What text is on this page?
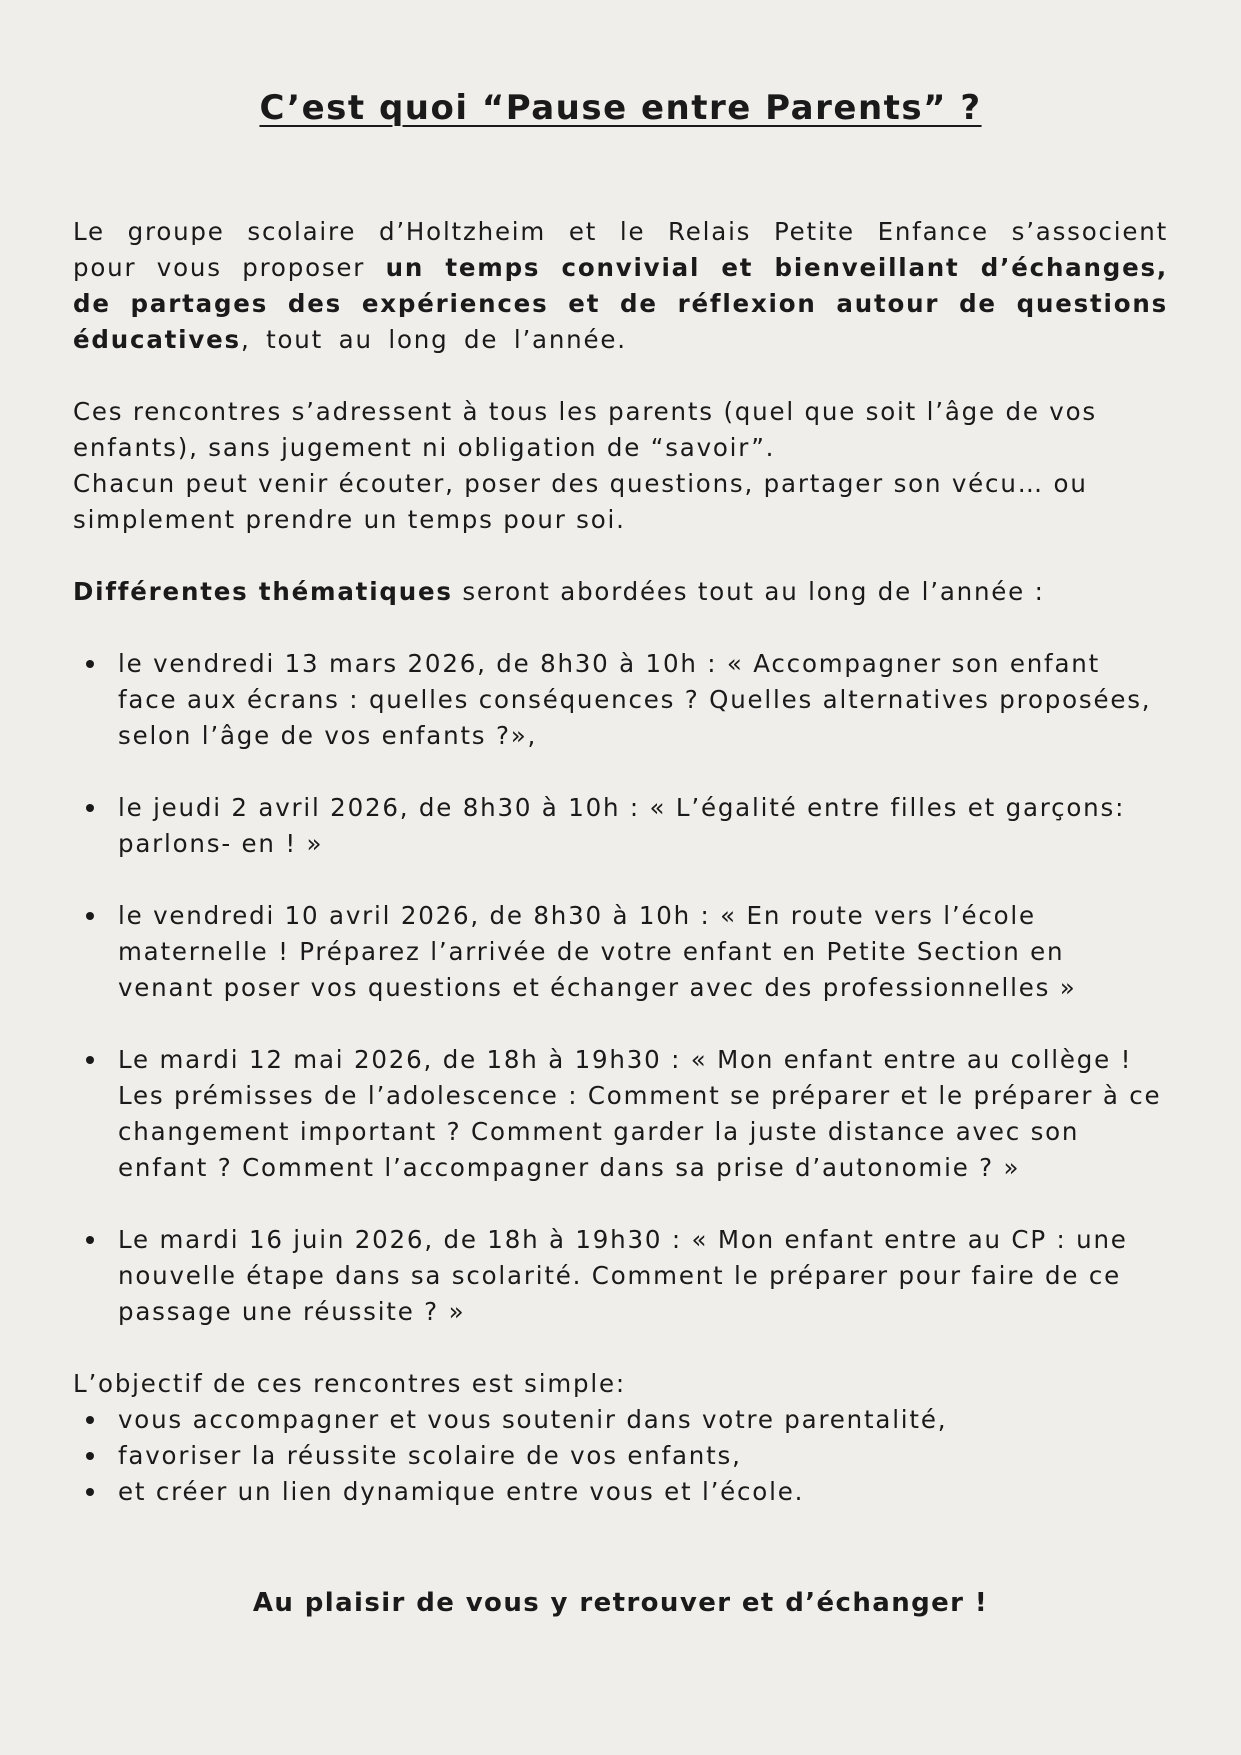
C’est quoi “Pause entre Parents” ?

Le groupe scolaire d’Holtzheim et le Relais Petite Enfance s’associent pour vous proposer un temps convivial et bienveillant d’échanges, de partages des expériences et de réflexion autour de questions éducatives, tout au long de l’année.

Ces rencontres s’adressent à tous les parents (quel que soit l’âge de vos enfants), sans jugement ni obligation de “savoir”.
Chacun peut venir écouter, poser des questions, partager son vécu… ou simplement prendre un temps pour soi.
Différentes thématiques seront abordées tout au long de l’année :
le vendredi 13 mars 2026, de 8h30 à 10h : « Accompagner son enfant face aux écrans : quelles conséquences ? Quelles alternatives proposées, selon l’âge de vos enfants ?»,
le jeudi 2 avril 2026, de 8h30 à 10h : « L’égalité entre filles et garçons: parlons- en ! »
le vendredi 10 avril 2026, de 8h30 à 10h : « En route vers l’école maternelle ! Préparez l’arrivée de votre enfant en Petite Section en venant poser vos questions et échanger avec des professionnelles »
Le mardi 12 mai 2026, de 18h à 19h30 : « Mon enfant entre au collège ! Les prémisses de l’adolescence : Comment se préparer et le préparer à ce changement important ? Comment garder la juste distance avec son enfant ? Comment l’accompagner dans sa prise d’autonomie ? »
Le mardi 16 juin 2026, de 18h à 19h30 : « Mon enfant entre au CP : une nouvelle étape dans sa scolarité. Comment le préparer pour faire de ce passage une réussite ? »
L’objectif de ces rencontres est simple:
vous accompagner et vous soutenir dans votre parentalité,
favoriser la réussite scolaire de vos enfants,
et créer un lien dynamique entre vous et l’école.
Au plaisir de vous y retrouver et d’échanger !
